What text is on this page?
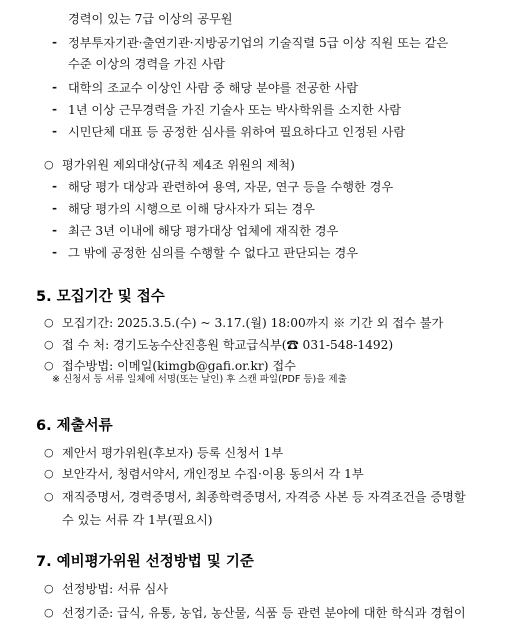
경력이 있는 7급 이상의 공무원
- 정부투자기관·출연기관·지방공기업의 기술직렬 5급 이상 직원 또는 같은
수준 이상의 경력을 가진 사람
- 대학의 조교수 이상인 사람 중 해당 분야를 전공한 사람
- 1년 이상 근무경력을 가진 기술사 또는 박사학위를 소지한 사람
- 시민단체 대표 등 공정한 심사를 위하여 필요하다고 인정된 사람
○ 평가위원 제외대상(규칙 제4조 위원의 제척)
- 해당 평가 대상과 관련하여 용역, 자문, 연구 등을 수행한 경우
- 해당 평가의 시행으로 이해 당사자가 되는 경우
- 최근 3년 이내에 해당 평가대상 업체에 재직한 경우
- 그 밖에 공정한 심의를 수행할 수 없다고 판단되는 경우
5. 모집기간 및 접수
○ 모집기간: 2025.3.5.(수) ~ 3.17.(월) 18:00까지 ※ 기간 외 접수 불가
○ 접 수 처: 경기도농수산진흥원 학교급식부(☎ 031-548-1492)
○ 접수방법: 이메일(kimgb@gafi.or.kr) 접수
※ 신청서 등 서류 일체에 서명(또는 날인) 후 스캔 파일(PDF 등)을 제출
6. 제출서류
○ 제안서 평가위원(후보자) 등록 신청서 1부
○ 보안각서, 청렴서약서, 개인정보 수집·이용 동의서 각 1부
○ 재직증명서, 경력증명서, 최종학력증명서, 자격증 사본 등 자격조건을 증명할
수 있는 서류 각 1부(필요시)
7. 예비평가위원 선정방법 및 기준
○ 선정방법: 서류 심사
○ 선정기준: 급식, 유통, 농업, 농산물, 식품 등 관련 분야에 대한 학식과 경험이
